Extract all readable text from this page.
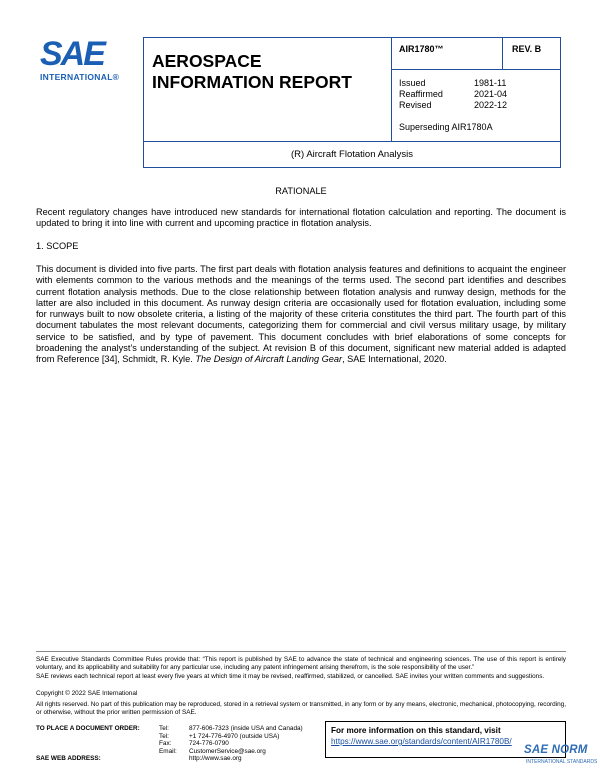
SAE
INTERNATIONAL®
AEROSPACE
INFORMATION REPORT
AIR1780™	REV. B
Issued	1981-11
Reaffirmed	2021-04
Revised	2022-12
Superseding AIR1780A
(R) Aircraft Flotation Analysis
RATIONALE
Recent regulatory changes have introduced new standards for international flotation calculation and reporting. The document is updated to bring it into line with current and upcoming practice in flotation analysis.
1. SCOPE
This document is divided into five parts. The first part deals with flotation analysis features and definitions to acquaint the engineer with elements common to the various methods and the meanings of the terms used. The second part identifies and describes current flotation analysis methods. Due to the close relationship between flotation analysis and runway design, methods for the latter are also included in this document. As runway design criteria are occasionally used for flotation evaluation, including some for runways built to now obsolete criteria, a listing of the majority of these criteria constitutes the third part. The fourth part of this document tabulates the most relevant documents, categorizing them for commercial and civil versus military usage, by military service to be satisfied, and by type of pavement. This document concludes with brief elaborations of some concepts for broadening the analyst’s understanding of the subject. At revision B of this document, significant new material added is adapted from Reference [34], Schmidt, R. Kyle. The Design of Aircraft Landing Gear, SAE International, 2020.
SAE Executive Standards Committee Rules provide that: “This report is published by SAE to advance the state of technical and engineering sciences. The use of this report is entirely voluntary, and its applicability and suitability for any particular use, including any patent infringement arising therefrom, is the sole responsibility of the user.”
SAE reviews each technical report at least every five years at which time it may be revised, reaffirmed, stabilized, or cancelled. SAE invites your written comments and suggestions.
Copyright © 2022 SAE International
All rights reserved. No part of this publication may be reproduced, stored in a retrieval system or transmitted, in any form or by any means, electronic, mechanical, photocopying, recording, or otherwise, without the prior written permission of SAE.
TO PLACE A DOCUMENT ORDER:	Tel:	877-606-7323 (inside USA and Canada)
Tel:	+1 724-776-4970 (outside USA)
Fax:	724-776-0790
Email: CustomerService@sae.org
SAE WEB ADDRESS:	http://www.sae.org
For more information on this standard, visit
https://www.sae.org/standards/content/AIR1780B/
SAE NORM
INTERNATIONAL STANDARDS
